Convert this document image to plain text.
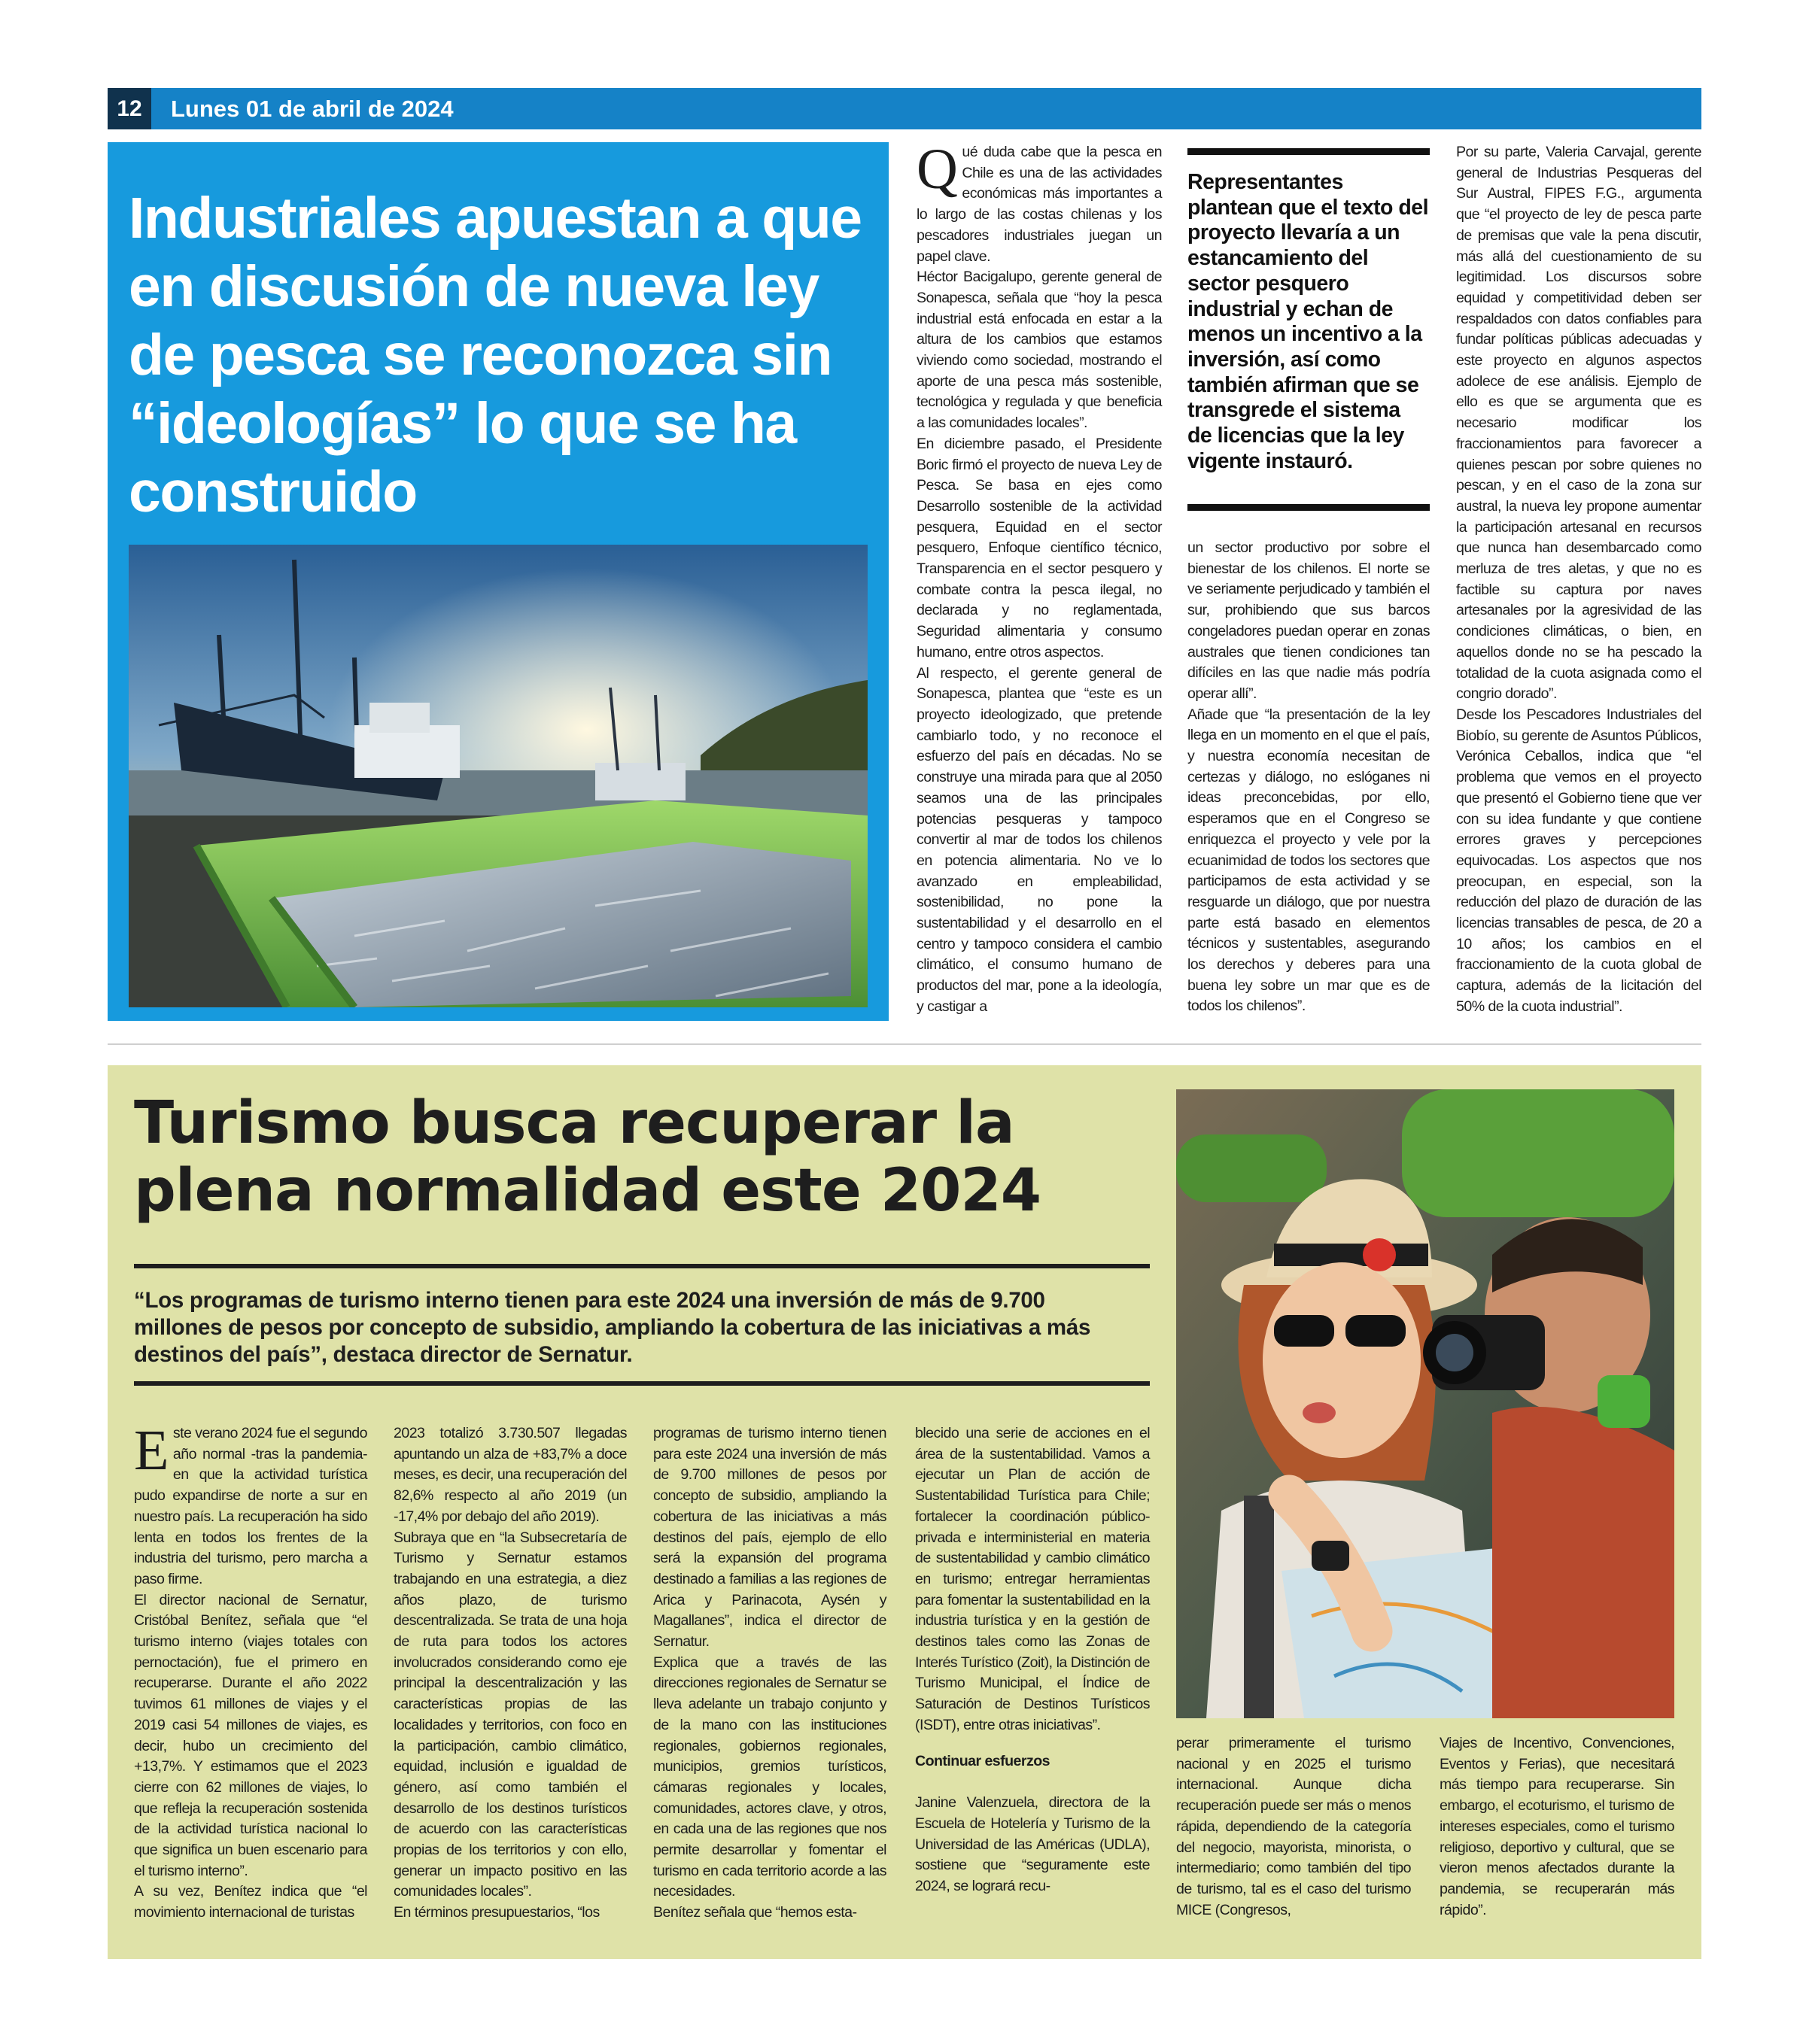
12	Lunes 01 de abril de 2024
Industriales apuestan a que en discusión de nueva ley de pesca se reconozca sin “ideologías” lo que se ha construido
Q ué duda cabe que la pesca en Chile es una de las actividades económicas más importantes a lo largo de las costas chilenas y los pescadores industriales juegan un papel clave.

Héctor Bacigalupo, gerente general de Sonapesca, señala que “hoy la pesca industrial está enfocada en estar a la altura de los cambios que estamos viviendo como sociedad, mostrando el aporte de una pesca más sostenible, tecnológica y regulada y que beneficia a las comunidades locales”.

En diciembre pasado, el Presidente Boric firmó el proyecto de nueva Ley de Pesca. Se basa en ejes como Desarrollo sostenible de la actividad pesquera, Equidad en el sector pesquero, Enfoque científico técnico, Transparencia en el sector pesquero y combate contra la pesca ilegal, no declarada y no reglamentada, Seguridad alimentaria y consumo humano, entre otros aspectos.

Al respecto, el gerente general de Sonapesca, plantea que “este es un proyecto ideologizado, que pretende cambiarlo todo, y no reconoce el esfuerzo del país en décadas. No se construye una mirada para que al 2050 seamos una de las principales potencias pesqueras y tampoco convertir al mar de todos los chilenos en potencia alimentaria. No ve lo avanzado en empleabilidad, sostenibilidad, no pone la sustentabilidad y el desarrollo en el centro y tampoco considera el cambio climático, el consumo humano de productos del mar, pone a la ideología, y castigar a

Representantes plantean que el texto del proyecto llevaría a un estancamiento del sector pesquero industrial y echan de menos un incentivo a la inversión, así como también afirman que se transgrede el sistema de licencias que la ley vigente instauró.

un sector productivo por sobre el bienestar de los chilenos. El norte se ve seriamente perjudicado y también el sur, prohibiendo que sus barcos congeladores puedan operar en zonas australes que tienen condiciones tan difíciles en las que nadie más podría operar allí”.

Añade que “la presentación de la ley llega en un momento en el que el país, y nuestra economía necesitan de certezas y diálogo, no eslóganes ni ideas preconcebidas, por ello, esperamos que en el Congreso se enriquezca el proyecto y vele por la ecuanimidad de todos los sectores que participamos de esta actividad y se resguarde un diálogo, que por nuestra parte está basado en elementos técnicos y sustentables, asegurando los derechos y deberes para una buena ley sobre un mar que es de todos los chilenos”.

Por su parte, Valeria Carvajal, gerente general de Industrias Pesqueras del Sur Austral, FIPES F.G., argumenta que “el proyecto de ley de pesca parte de premisas que vale la pena discutir, más allá del cuestionamiento de su legitimidad. Los discursos sobre equidad y competitividad deben ser respaldados con datos confiables para fundar políticas públicas adecuadas y este proyecto en algunos aspectos adolece de ese análisis. Ejemplo de ello es que se argumenta que es necesario modificar los fraccionamientos para favorecer a quienes pescan por sobre quienes no pescan, y en el caso de la zona sur austral, la nueva ley propone aumentar la participación artesanal en recursos que nunca han desembarcado como merluza de tres aletas, y que no es factible su captura por naves artesanales por la agresividad de las condiciones climáticas, o bien, en aquellos donde no se ha pescado la totalidad de la cuota asignada como el congrio dorado”.

Desde los Pescadores Industriales del Biobío, su gerente de Asuntos Públicos, Verónica Ceballos, indica que “el problema que vemos en el proyecto que presentó el Gobierno tiene que ver con su idea fundante y que contiene errores graves y percepciones equivocadas. Los aspectos que nos preocupan, en especial, son la reducción del plazo de duración de las licencias transables de pesca, de 20 a 10 años; los cambios en el fraccionamiento de la cuota global de captura, además de la licitación del 50% de la cuota industrial”.

Turismo busca recuperar la plena normalidad este 2024
“Los programas de turismo interno tienen para este 2024 una inversión de más de 9.700 millones de pesos por concepto de subsidio, ampliando la cobertura de las iniciativas a más destinos del país”, destaca director de Sernatur.
E ste verano 2024 fue el segundo año normal -tras la pandemia- en que la actividad turística pudo expandirse de norte a sur en nuestro país. La recuperación ha sido lenta en todos los frentes de la industria del turismo, pero marcha a paso firme.

El director nacional de Sernatur, Cristóbal Benítez, señala que “el turismo interno (viajes totales con pernoctación), fue el primero en recuperarse. Durante el año 2022 tuvimos 61 millones de viajes y el 2019 casi 54 millones de viajes, es decir, hubo un crecimiento del +13,7%. Y estimamos que el 2023 cierre con 62 millones de viajes, lo que refleja la recuperación sostenida de la actividad turística nacional lo que significa un buen escenario para el turismo interno”.

A su vez, Benítez indica que “el movimiento internacional de turistas

2023 totalizó 3.730.507 llegadas apuntando un alza de +83,7% a doce meses, es decir, una recuperación del 82,6% respecto al año 2019 (un -17,4% por debajo del año 2019).

Subraya que en “la Subsecretaría de Turismo y Sernatur estamos trabajando en una estrategia, a diez años plazo, de turismo descentralizada. Se trata de una hoja de ruta para todos los actores involucrados considerando como eje principal la descentralización y las características propias de las localidades y territorios, con foco en la participación, cambio climático, equidad, inclusión e igualdad de género, así como también el desarrollo de los destinos turísticos de acuerdo con las características propias de los territorios y con ello, generar un impacto positivo en las comunidades locales”.

En términos presupuestarios, “los

programas de turismo interno tienen para este 2024 una inversión de más de 9.700 millones de pesos por concepto de subsidio, ampliando la cobertura de las iniciativas a más destinos del país, ejemplo de ello será la expansión del programa destinado a familias a las regiones de Arica y Parinacota, Aysén y Magallanes”, indica el director de Sernatur.

Explica que a través de las direcciones regionales de Sernatur se lleva adelante un trabajo conjunto y de la mano con las instituciones regionales, gobiernos regionales, municipios, gremios turísticos, cámaras regionales y locales, comunidades, actores clave, y otros, en cada una de las regiones que nos permite desarrollar y fomentar el turismo en cada territorio acorde a las necesidades.

Benítez señala que “hemos esta-

blecido una serie de acciones en el área de la sustentabilidad. Vamos a ejecutar un Plan de acción de Sustentabilidad Turística para Chile; fortalecer la coordinación público-privada e interministerial en materia de sustentabilidad y cambio climático en turismo; entregar herramientas para fomentar la sustentabilidad en la industria turística y en la gestión de destinos tales como las Zonas de Interés Turístico (Zoit), la Distinción de Turismo Municipal, el Índice de Saturación de Destinos Turísticos (ISDT), entre otras iniciativas”.

Continuar esfuerzos

Janine Valenzuela, directora de la Escuela de Hotelería y Turismo de la Universidad de las Américas (UDLA), sostiene que “seguramente este 2024, se logrará recu-

perar primeramente el turismo nacional y en 2025 el turismo internacional. Aunque dicha recuperación puede ser más o menos rápida, dependiendo de la categoría del negocio, mayorista, minorista, o intermediario; como también del tipo de turismo, tal es el caso del turismo MICE (Congresos,

Viajes de Incentivo, Convenciones, Eventos y Ferias), que necesitará más tiempo para recuperarse. Sin embargo, el ecoturismo, el turismo de intereses especiales, como el turismo religioso, deportivo y cultural, que se vieron menos afectados durante la pandemia, se recuperarán más rápido”.
